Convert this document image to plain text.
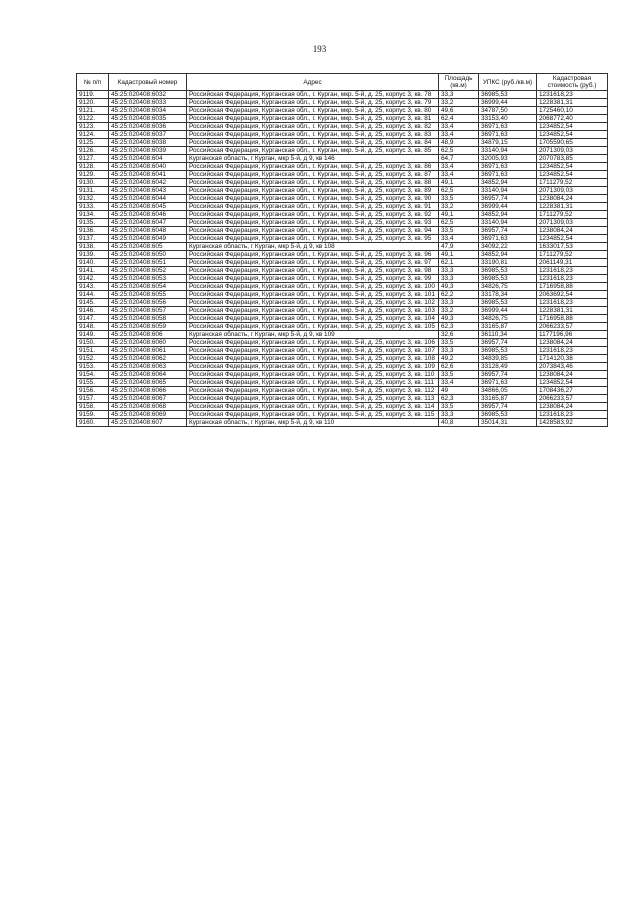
193
№ п/п	Кадастровый номер	Адрес	Площадь (кв.м)	УПКС (руб./кв.м)	Кадастровая стоимость (руб.)
9119.	45:25:020408:6032	Российская Федерация, Курганская обл., г. Курган, мкр. 5-й, д. 25, корпус 3, кв. 78	33,3	36985,53	1231618,23
9120.	45:25:020408:6033	Российская Федерация, Курганская обл., г. Курган, мкр. 5-й, д. 25, корпус 3, кв. 79	33,2	36999,44	1228381,31
9121.	45:25:020408:6034	Российская Федерация, Курганская обл., г. Курган, мкр. 5-й, д. 25, корпус 3, кв. 80	49,6	34787,50	1725460,10
9122.	45:25:020408:6035	Российская Федерация, Курганская обл., г. Курган, мкр. 5-й, д. 25, корпус 3, кв. 81	62,4	33153,40	2068772,40
9123.	45:25:020408:6036	Российская Федерация, Курганская обл., г. Курган, мкр. 5-й, д. 25, корпус 3, кв. 82	33,4	36971,63	1234852,54
9124.	45:25:020408:6037	Российская Федерация, Курганская обл., г. Курган, мкр. 5-й, д. 25, корпус 3, кв. 83	33,4	36971,63	1234852,54
9125.	45:25:020408:6038	Российская Федерация, Курганская обл., г. Курган, мкр. 5-й, д. 25, корпус 3, кв. 84	48,9	34879,15	1705590,65
9126.	45:25:020408:6039	Российская Федерация, Курганская обл., г. Курган, мкр. 5-й, д. 25, корпус 3, кв. 85	62,5	33140,94	2071309,03
9127.	45:25:020408:604	Курганская область, г Курган, мкр 5-й, д 9, кв 146	64,7	32005,93	2070783,85
9128.	45:25:020408:6040	Российская Федерация, Курганская обл., г. Курган, мкр. 5-й, д. 25, корпус 3, кв. 86	33,4	36971,63	1234852,54
9129.	45:25:020408:6041	Российская Федерация, Курганская обл., г. Курган, мкр. 5-й, д. 25, корпус 3, кв. 87	33,4	36971,63	1234852,54
9130.	45:25:020408:6042	Российская Федерация, Курганская обл., г. Курган, мкр. 5-й, д. 25, корпус 3, кв. 88	49,1	34852,94	1711279,52
9131.	45:25:020408:6043	Российская Федерация, Курганская обл., г. Курган, мкр. 5-й, д. 25, корпус 3, кв. 89	62,5	33140,94	2071309,03
9132.	45:25:020408:6044	Российская Федерация, Курганская обл., г. Курган, мкр. 5-й, д. 25, корпус 3, кв. 90	33,5	36957,74	1238084,24
9133.	45:25:020408:6045	Российская Федерация, Курганская обл., г. Курган, мкр. 5-й, д. 25, корпус 3, кв. 91	33,2	36999,44	1228381,31
9134.	45:25:020408:6046	Российская Федерация, Курганская обл., г. Курган, мкр. 5-й, д. 25, корпус 3, кв. 92	49,1	34852,94	1711279,52
9135.	45:25:020408:6047	Российская Федерация, Курганская обл., г. Курган, мкр. 5-й, д. 25, корпус 3, кв. 93	62,5	33140,94	2071309,03
9136.	45:25:020408:6048	Российская Федерация, Курганская обл., г. Курган, мкр. 5-й, д. 25, корпус 3, кв. 94	33,5	36957,74	1238084,24
9137.	45:25:020408:6049	Российская Федерация, Курганская обл., г. Курган, мкр. 5-й, д. 25, корпус 3, кв. 95	33,4	36971,63	1234852,54
9138.	45:25:020408:605	Курганская область, г Курган, мкр 5-й, д 9, кв 108	47,9	34092,22	1633017,53
9139.	45:25:020408:6050	Российская Федерация, Курганская обл., г. Курган, мкр. 5-й, д. 25, корпус 3, кв. 96	49,1	34852,94	1711279,52
9140.	45:25:020408:6051	Российская Федерация, Курганская обл., г. Курган, мкр. 5-й, д. 25, корпус 3, кв. 97	62,1	33190,81	2061149,31
9141.	45:25:020408:6052	Российская Федерация, Курганская обл., г. Курган, мкр. 5-й, д. 25, корпус 3, кв. 98	33,3	36985,53	1231618,23
9142.	45:25:020408:6053	Российская Федерация, Курганская обл., г. Курган, мкр. 5-й, д. 25, корпус 3, кв. 99	33,3	36985,53	1231618,23
9143.	45:25:020408:6054	Российская Федерация, Курганская обл., г. Курган, мкр. 5-й, д. 25, корпус 3, кв. 100	49,3	34826,75	1716958,88
9144.	45:25:020408:6055	Российская Федерация, Курганская обл., г. Курган, мкр. 5-й, д. 25, корпус 3, кв. 101	62,2	33178,34	2063692,54
9145.	45:25:020408:6056	Российская Федерация, Курганская обл., г. Курган, мкр. 5-й, д. 25, корпус 3, кв. 102	33,3	36985,53	1231618,23
9146.	45:25:020408:6057	Российская Федерация, Курганская обл., г. Курган, мкр. 5-й, д. 25, корпус 3, кв. 103	33,2	36999,44	1228381,31
9147.	45:25:020408:6058	Российская Федерация, Курганская обл., г. Курган, мкр. 5-й, д. 25, корпус 3, кв. 104	49,3	34826,75	1716958,88
9148.	45:25:020408:6059	Российская Федерация, Курганская обл., г. Курган, мкр. 5-й, д. 25, корпус 3, кв. 105	62,3	33165,87	2066233,57
9149.	45:25:020408:606	Курганская область, г Курган, мкр 5-й, д 9, кв 109	32,6	36110,34	1177196,96
9150.	45:25:020408:6060	Российская Федерация, Курганская обл., г. Курган, мкр. 5-й, д. 25, корпус 3, кв. 106	33,5	36957,74	1238084,24
9151.	45:25:020408:6061	Российская Федерация, Курганская обл., г. Курган, мкр. 5-й, д. 25, корпус 3, кв. 107	33,3	36985,53	1231618,23
9152.	45:25:020408:6062	Российская Федерация, Курганская обл., г. Курган, мкр. 5-й, д. 25, корпус 3, кв. 108	49,2	34839,85	1714120,38
9153.	45:25:020408:6063	Российская Федерация, Курганская обл., г. Курган, мкр. 5-й, д. 25, корпус 3, кв. 109	62,6	33128,49	2073843,46
9154.	45:25:020408:6064	Российская Федерация, Курганская обл., г. Курган, мкр. 5-й, д. 25, корпус 3, кв. 110	33,5	36957,74	1238084,24
9155.	45:25:020408:6065	Российская Федерация, Курганская обл., г. Курган, мкр. 5-й, д. 25, корпус 3, кв. 111	33,4	36971,63	1234852,54
9156.	45:25:020408:6066	Российская Федерация, Курганская обл., г. Курган, мкр. 5-й, д. 25, корпус 3, кв. 112	49	34866,05	1708436,27
9157.	45:25:020408:6067	Российская Федерация, Курганская обл., г. Курган, мкр. 5-й, д. 25, корпус 3, кв. 113	62,3	33165,87	2066233,57
9158.	45:25:020408:6068	Российская Федерация, Курганская обл., г. Курган, мкр. 5-й, д. 25, корпус 3, кв. 114	33,5	36957,74	1238084,24
9159.	45:25:020408:6069	Российская Федерация, Курганская обл., г. Курган, мкр. 5-й, д. 25, корпус 3, кв. 115	33,3	36985,53	1231618,23
9160.	45:25:020408:607	Курганская область, г Курган, мкр 5-й, д 9, кв 110	40,8	35014,31	1428583,92
